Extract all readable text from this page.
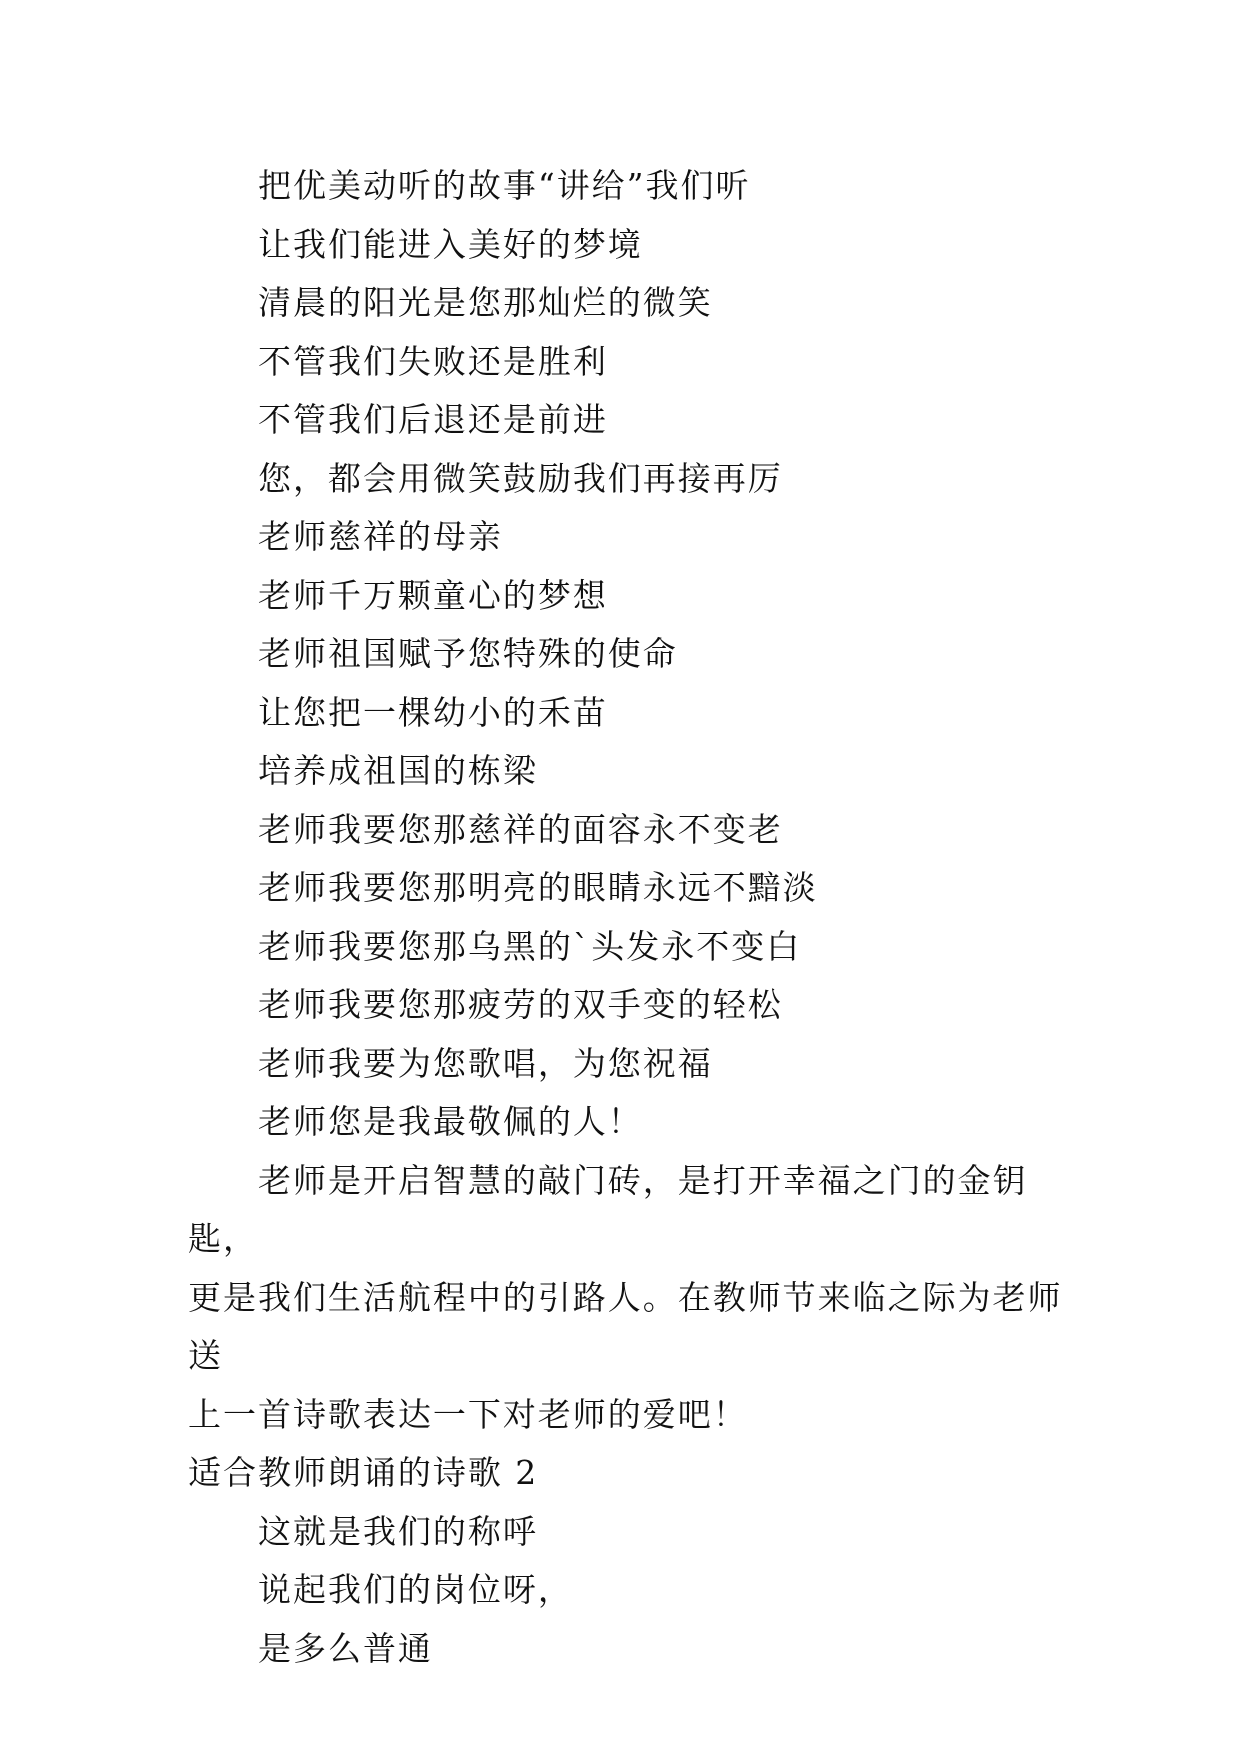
把优美动听的故事“讲给”我们听
让我们能进入美好的梦境
清晨的阳光是您那灿烂的微笑
不管我们失败还是胜利
不管我们后退还是前进
您，都会用微笑鼓励我们再接再厉
老师慈祥的母亲
老师千万颗童心的梦想
老师祖国赋予您特殊的使命
让您把一棵幼小的禾苗
培养成祖国的栋梁
老师我要您那慈祥的面容永不变老
老师我要您那明亮的眼睛永远不黯淡
老师我要您那乌黑的`头发永不变白
老师我要您那疲劳的双手变的轻松
老师我要为您歌唱，为您祝福
老师您是我最敬佩的人！

老师是开启智慧的敲门砖，是打开幸福之门的金钥匙，
更是我们生活航程中的引路人。在教师节来临之际为老师送
上一首诗歌表达一下对老师的爱吧！

适合教师朗诵的诗歌 2
这就是我们的称呼
说起我们的岗位呀，
是多么普通
